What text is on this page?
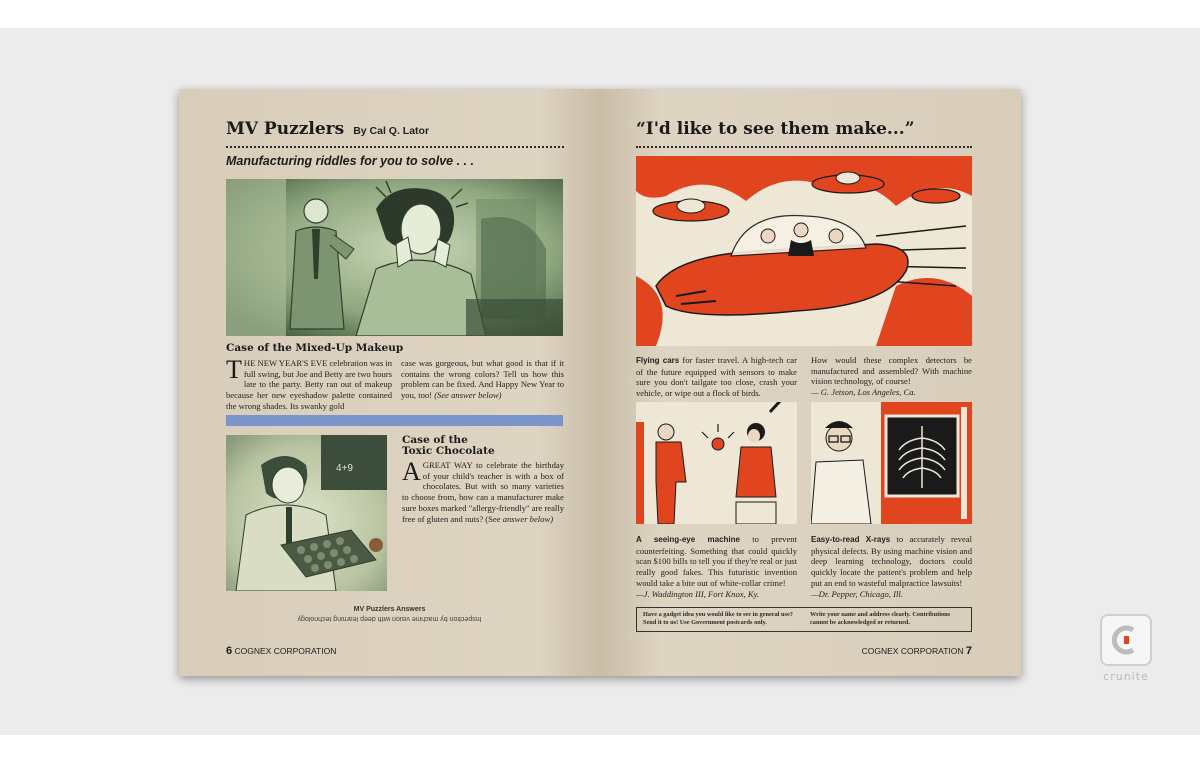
MV Puzzlers By Cal Q. Lator
Manufacturing riddles for you to solve . . .
Case of the Mixed-Up Makeup
THE NEW YEAR'S EVE celebration was in full swing, but Joe and Betty are two hours late to the party. Betty ran out of makeup because her new eyeshadow palette contained the wrong shades. Its swanky gold
case was gorgeous, but what good is that if it contains the wrong colors? Tell us how this problem can be fixed. And Happy New Year to you, too! (See answer below)
4+9
Case of the
Toxic Chocolate
A GREAT WAY to celebrate the birthday of your child's teacher is with a box of chocolates. But with so many varieties to choose from, how can a manufacturer make sure boxes marked "allergy-friendly" are really free of gluten and nuts? (See answer below)
MV Puzzlers Answers
Inspection by machine vision with deep learning technology
6 COGNEX CORPORATION
“I'd like to see them make...”
Flying cars for faster travel. A high-tech car of the future equipped with sensors to make sure you don't tailgate too close, crash your vehicle, or wipe out a flock of birds.
How would these complex detectors be manufactured and assembled? With machine vision technology, of course!
— G. Jetson, Los Angeles, Ca.
A seeing-eye machine to prevent counterfeiting. Something that could quickly scan $100 bills to tell you if they're real or just really good fakes. This futuristic invention would take a bite out of white-collar crime!
—J. Waddington III, Fort Knox, Ky.
Easy-to-read X-rays to accurately reveal physical defects. By using machine vision and deep learning technology, doctors could quickly locate the patient's problem and help put an end to wasteful malpractice lawsuits!
—Dr. Pepper, Chicago, Ill.
Have a gadget idea you would like to see in general use? Send it to us! Use Government postcards only.
Write your name and address clearly. Contributions cannot be acknowledged or returned.
COGNEX CORPORATION 7
crunite
